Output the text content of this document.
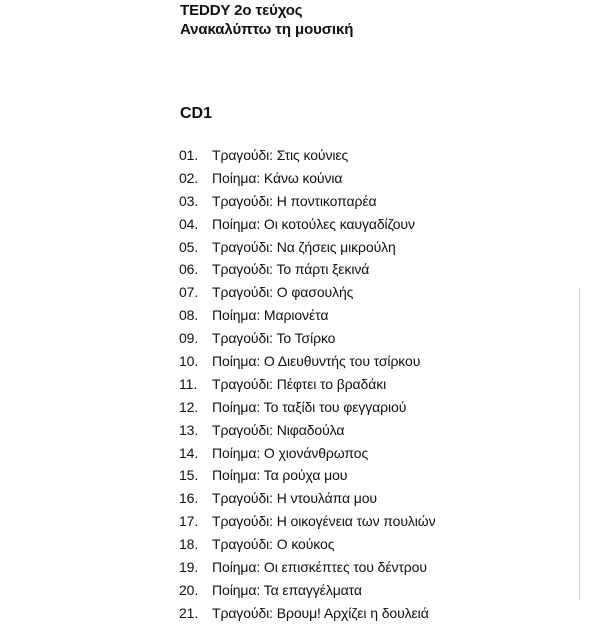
TEDDY 2ο τεύχος
Ανακαλύπτω τη μουσική
CD1
01. Τραγούδι: Στις κούνιες
02. Ποίημα: Κάνω κούνια
03. Τραγούδι: Η ποντικοπαρέα
04. Ποίημα: Οι κοτούλες καυγαδίζουν
05. Τραγούδι: Να ζήσεις μικρούλη
06. Τραγούδι: Το πάρτι ξεκινά
07. Τραγούδι: Ο φασουλής
08. Ποίημα: Μαριονέτα
09. Τραγούδι: Το Τσίρκο
10. Ποίημα: Ο Διευθυντής του τσίρκου
11. Τραγούδι: Πέφτει το βραδάκι
12. Ποίημα: Το ταξίδι του φεγγαριού
13. Τραγούδι: Νιφαδούλα
14. Ποίημα: Ο χιονάνθρωπος
15. Ποίημα: Τα ρούχα μου
16. Τραγούδι: Η ντουλάπα μου
17. Τραγούδι: Η οικογένεια των πουλιών
18. Τραγούδι: Ο κούκος
19. Ποίημα: Οι επισκέπτες του δέντρου
20. Ποίημα: Τα επαγγέλματα
21. Τραγούδι: Βρουμ! Αρχίζει η δουλειά
